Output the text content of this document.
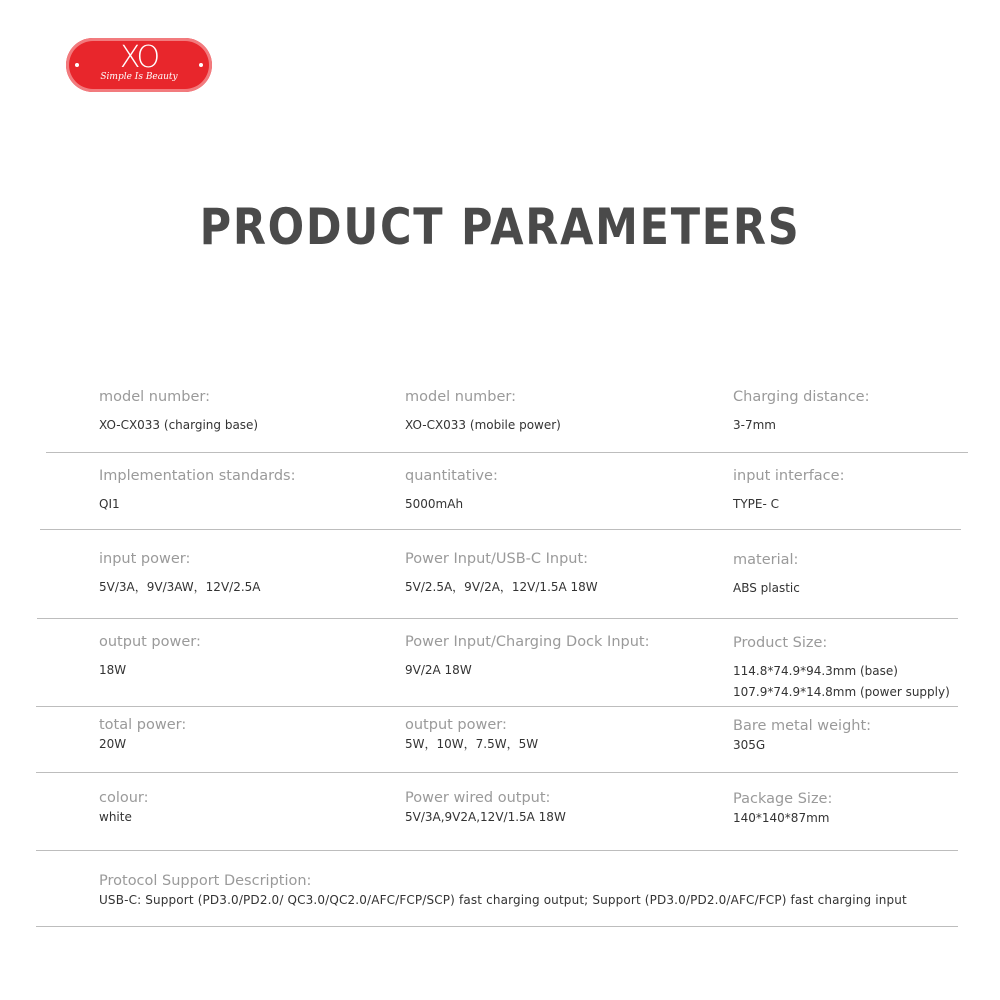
XO
Simple Is Beauty
PRODUCT PARAMETERS
model number:
XO-CX033 (charging base)
model number:
XO-CX033 (mobile power)
Charging distance:
3-7mm
Implementation standards:
QI1
quantitative:
5000mAh
input interface:
TYPE- C
input power:
5V/3A，9V/3AW，12V/2.5A
Power Input/USB-C Input:
5V/2.5A，9V/2A，12V/1.5A 18W
material:
ABS plastic
output power:
18W
Power Input/Charging Dock Input:
9V/2A 18W
Product Size:
114.8*74.9*94.3mm (base)
107.9*74.9*14.8mm (power supply)
total power:
20W
output power:
5W，10W，7.5W，5W
Bare metal weight:
305G
colour:
white
Power wired output:
5V/3A,9V2A,12V/1.5A 18W
Package Size:
140*140*87mm
Protocol Support Description:
USB-C: Support (PD3.0/PD2.0/ QC3.0/QC2.0/AFC/FCP/SCP) fast charging output; Support (PD3.0/PD2.0/AFC/FCP) fast charging input
